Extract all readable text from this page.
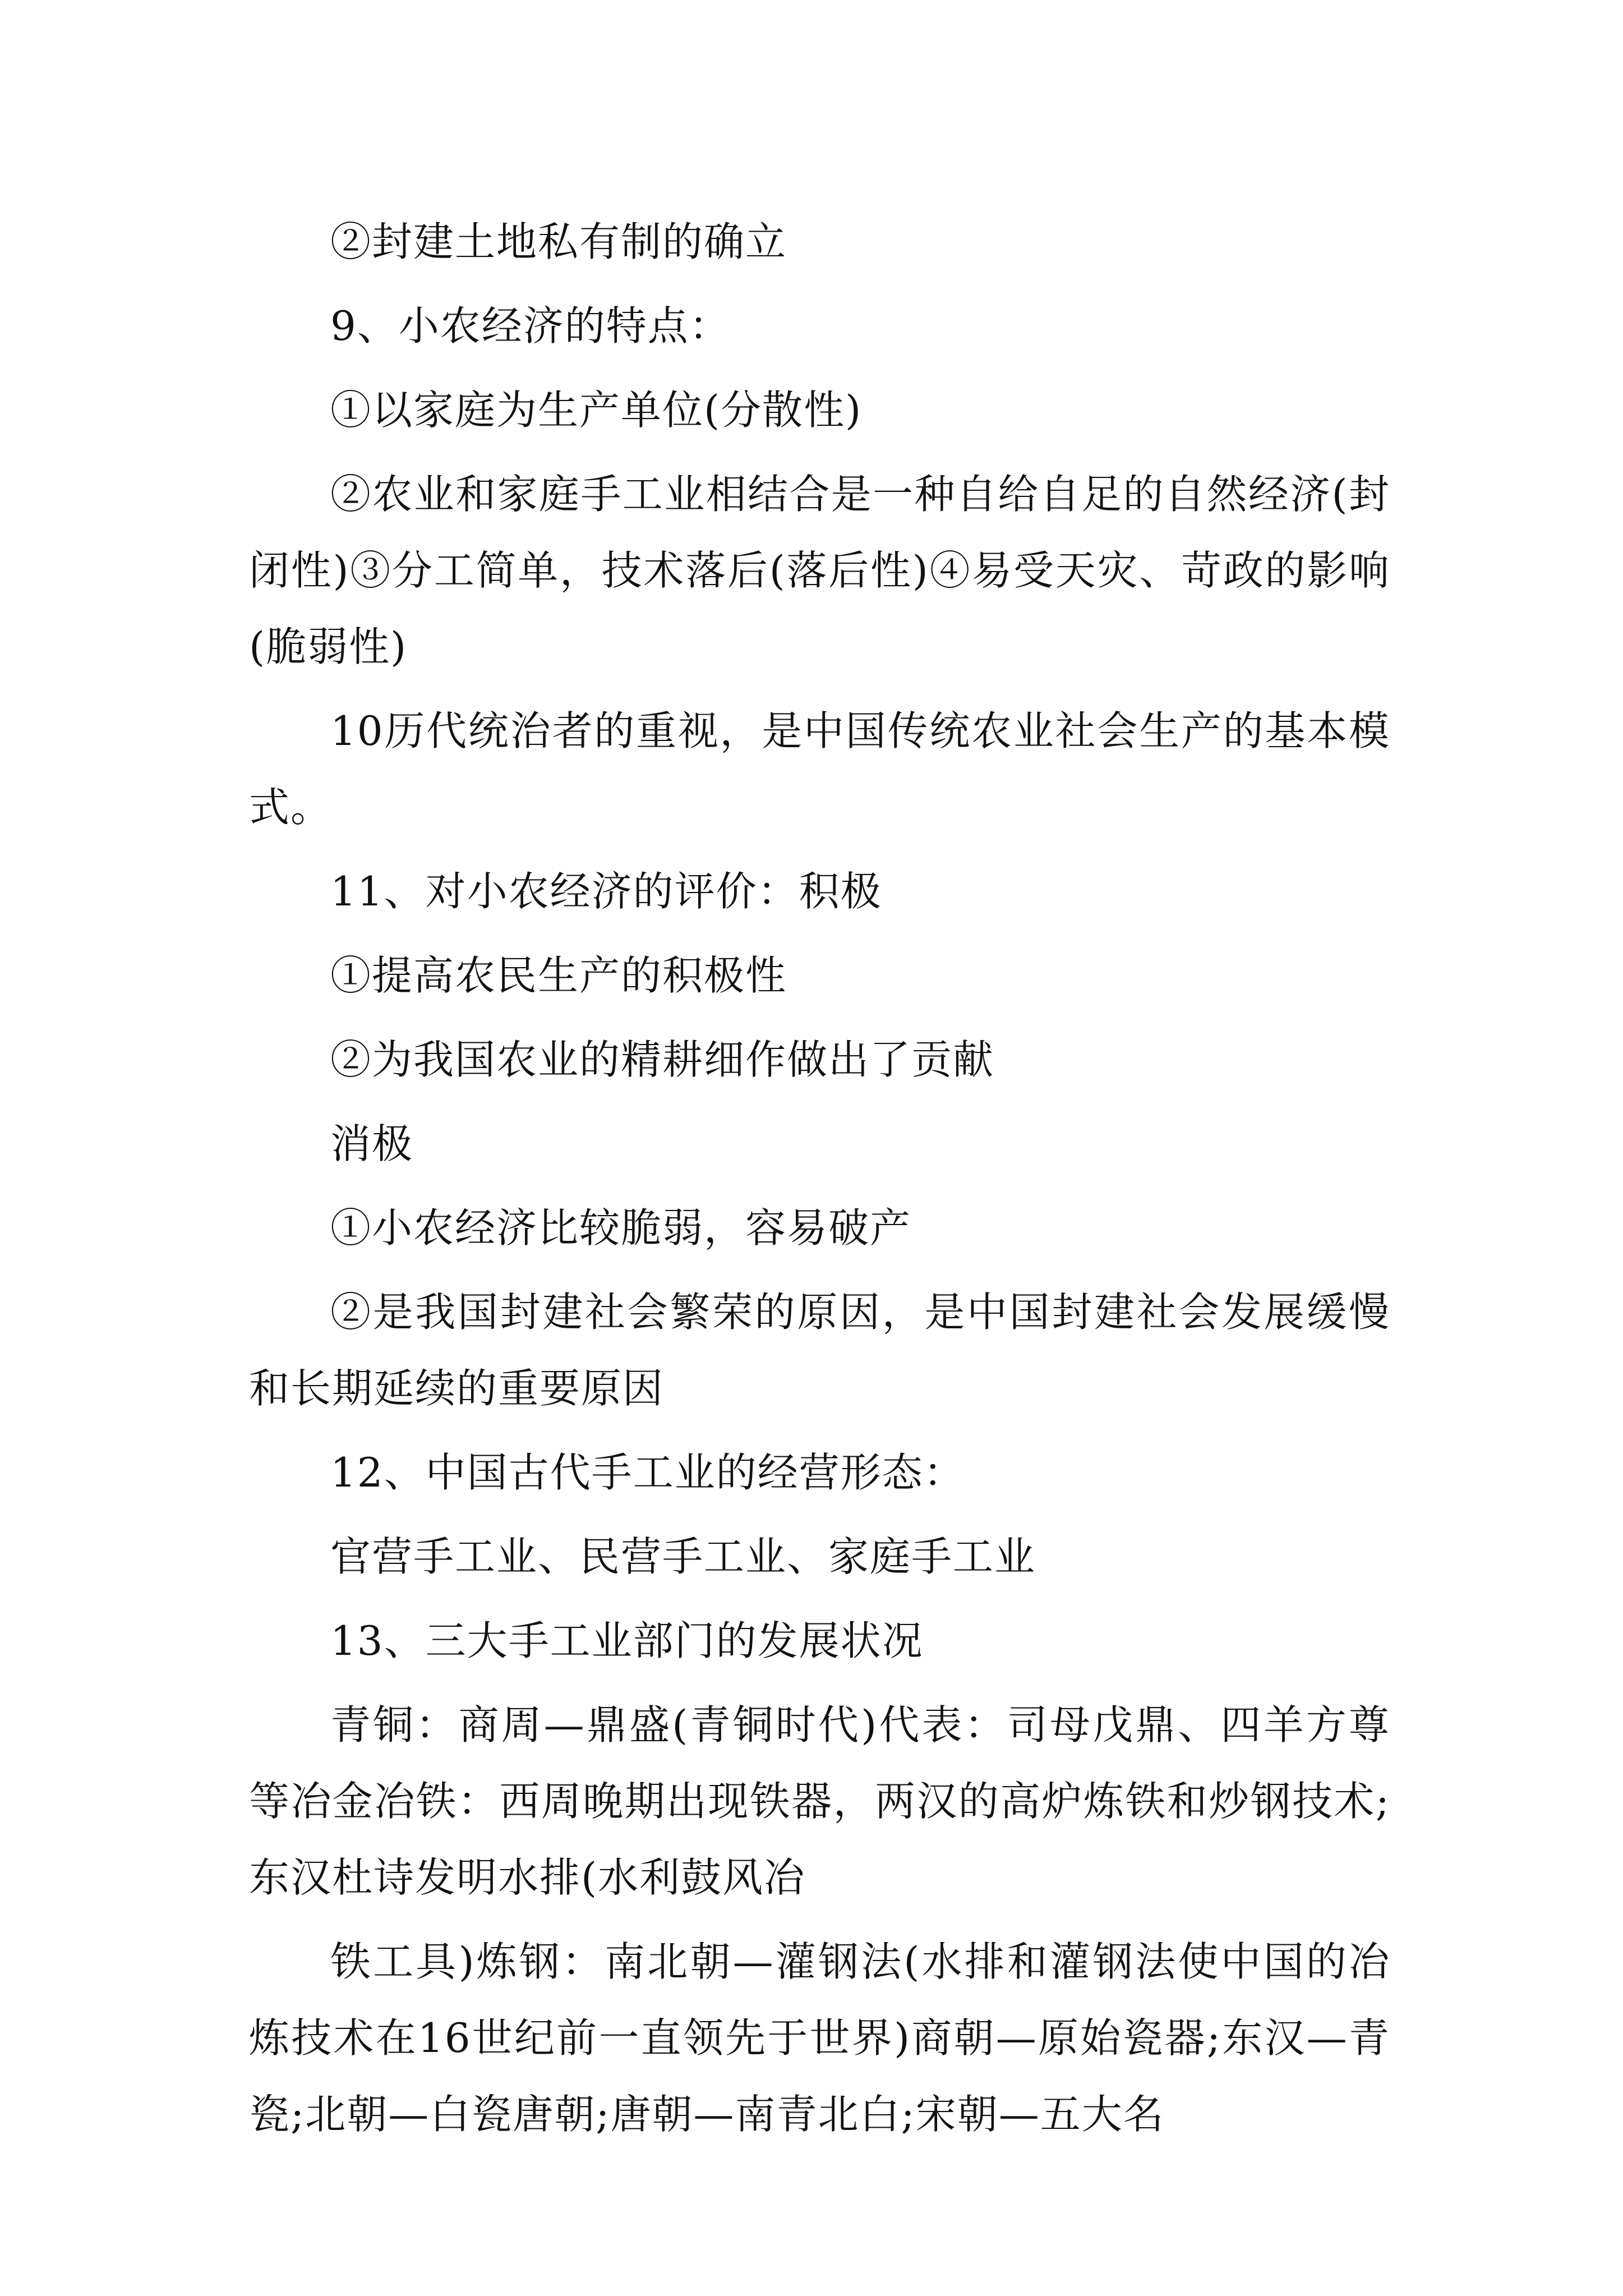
②封建土地私有制的确立

9、小农经济的特点：

①以家庭为生产单位(分散性)

②农业和家庭手工业相结合是一种自给自足的自然经济(封闭性)③分工简单，技术落后(落后性)④易受天灾、苛政的影响(脆弱性)

10历代统治者的重视，是中国传统农业社会生产的基本模式。

11、对小农经济的评价：积极

①提高农民生产的积极性

②为我国农业的精耕细作做出了贡献

消极

①小农经济比较脆弱，容易破产

②是我国封建社会繁荣的原因，是中国封建社会发展缓慢和长期延续的重要原因

12、中国古代手工业的经营形态：

官营手工业、民营手工业、家庭手工业

13、三大手工业部门的发展状况

青铜：商周—鼎盛(青铜时代)代表：司母戊鼎、四羊方尊等冶金冶铁：西周晚期出现铁器，两汉的高炉炼铁和炒钢技术;东汉杜诗发明水排(水利鼓风冶

铁工具)炼钢：南北朝—灌钢法(水排和灌钢法使中国的冶炼技术在16世纪前一直领先于世界)商朝—原始瓷器;东汉—青瓷;北朝—白瓷唐朝;唐朝—南青北白;宋朝—五大名
